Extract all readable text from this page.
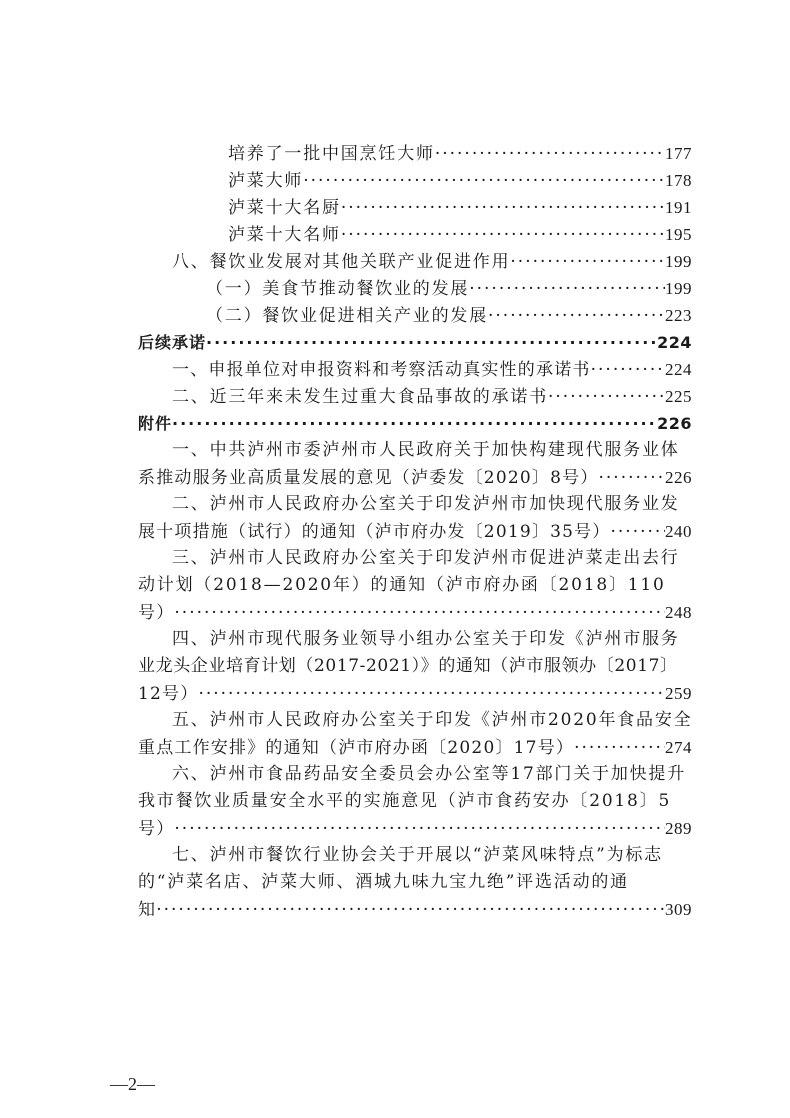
培养了一批中国烹饪大师 ·····	177
泸菜大师 ·····	178
泸菜十大名厨 ·····	191
泸菜十大名师 ·····	195
八、餐饮业发展对其他关联产业促进作用 ·····	199
（一）美食节推动餐饮业的发展 ·····	199
（二）餐饮业促进相关产业的发展 ·····	223
后续承诺 ·····	224
一、申报单位对申报资料和考察活动真实性的承诺书 ·····	224
二、近三年来未发生过重大食品事故的承诺书 ·····	225
附件 ·····	226
一、中共泸州市委泸州市人民政府关于加快构建现代服务业体
系推动服务业高质量发展的意见（泸委发〔2020〕8号） ·····	226
二、泸州市人民政府办公室关于印发泸州市加快现代服务业发
展十项措施（试行）的通知（泸市府办发〔2019〕35号） ·····	240
三、泸州市人民政府办公室关于印发泸州市促进泸菜走出去行
动计划（2018—2020年）的通知（泸市府办函〔2018〕110
号） ·····	248
四、泸州市现代服务业领导小组办公室关于印发《泸州市服务
业龙头企业培育计划（2017-2021）》的通知（泸市服领办〔2017〕
12号） ·····	259
五、泸州市人民政府办公室关于印发《泸州市2020年食品安全
重点工作安排》的通知（泸市府办函〔2020〕17号） ·····	274
六、泸州市食品药品安全委员会办公室等17部门关于加快提升
我市餐饮业质量安全水平的实施意见（泸市食药安办〔2018〕5
号） ·····	289
七、泸州市餐饮行业协会关于开展以“泸菜风味特点”为标志
的“泸菜名店、泸菜大师、酒城九味九宝九绝”评选活动的通
知 ·····	309
—2—
